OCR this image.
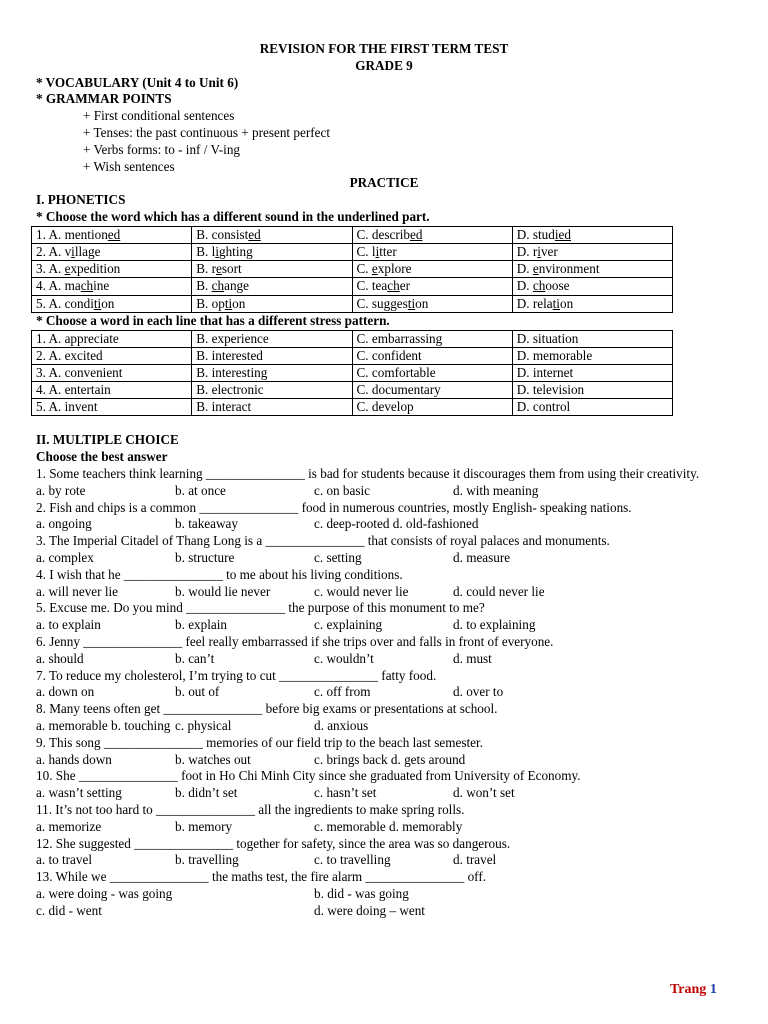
REVISION FOR THE FIRST TERM TEST
GRADE 9
* VOCABULARY (Unit 4 to Unit 6)
* GRAMMAR POINTS
+ First conditional sentences
+ Tenses: the past continuous + present perfect
+ Verbs forms: to - inf / V-ing
+ Wish sentences
PRACTICE
I. PHONETICS
* Choose the word which has a different sound in the underlined part.
1. A. mentioned	B. consisted	C. described	D. studied
2. A. village	B. lighting	C. litter	D. river
3. A. expedition	B. resort	C. explore	D. environment
4. A. machine	B. change	C. teacher	D. choose
5. A. condition	B. option	C. suggestion	D. relation
* Choose a word in each line that has a different stress pattern.
1. A. appreciate	B. experience	C. embarrassing	D. situation
2. A. excited	B. interested	C. confident	D. memorable
3. A. convenient	B. interesting	C. comfortable	D. internet
4. A. entertain	B. electronic	C. documentary	D. television
5. A. invent	B. interact	C. develop	D. control
II. MULTIPLE CHOICE
Choose the best answer
1. Some teachers think learning _______________ is bad for students because it discourages them from using their creativity.
a. by rote	b. at once	c. on basic	d. with meaning
2. Fish and chips is a common _______________ food in numerous countries, mostly English- speaking nations.
a. ongoing	b. takeaway	c. deep-rooted d. old-fashioned
3. The Imperial Citadel of Thang Long is a _______________ that consists of royal palaces and monuments.
a. complex	b. structure	c. setting	d. measure
4. I wish that he _______________ to me about his living conditions.
a. will never lie	b. would lie never	c. would never lie	d. could never lie
5. Excuse me. Do you mind _______________ the purpose of this monument to me?
a. to explain	b. explain	c. explaining	d. to explaining
6. Jenny _______________ feel really embarrassed if she trips over and falls in front of everyone.
a. should	b. can’t	c. wouldn’t	d. must
7. To reduce my cholesterol, I’m trying to cut _______________ fatty food.
a. down on	b. out of	c. off from	d. over to
8. Many teens often get _______________ before big exams or presentations at school.
a. memorable b. touching c. physical	d. anxious
9. This song _______________ memories of our field trip to the beach last semester.
a. hands down	b. watches out	c. brings back d. gets around
10. She _______________ foot in Ho Chi Minh City since she graduated from University of Economy.
a. wasn’t setting	b. didn’t set	c. hasn’t set	d. won’t set
11. It’s not too hard to _______________ all the ingredients to make spring rolls.
a. memorize	b. memory	c. memorable d. memorably
12. She suggested _______________ together for safety, since the area was so dangerous.
a. to travel	b. travelling	c. to travelling	d. travel
13. While we _______________ the maths test, the fire alarm _______________ off.
a. were doing - was going	b. did - was going
c. did - went	d. were doing – went
Trang 1
